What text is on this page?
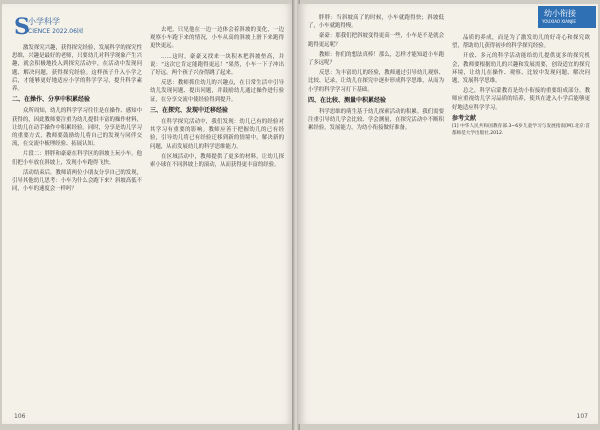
S
小学科学
CIENCE 2022.06园

激发探究兴趣，获得探究经验，发展科学的探究性思维，兴趣是最好的老师，只要幼儿对科学现象产生兴趣，就会积极地投入到探究活动中，在活动中发现问题、解决问题，获得探究经验。这样孩子升入小学之后，才能够更好地适应小学的科学学习，提升科学素养。

二、在操作、分享中积累经验

众所周知，幼儿的科学学习往往是在操作、感知中获得的，因此教师要注重为幼儿提供丰富的操作材料，让幼儿在动手操作中积累经验。同时，分享是幼儿学习的重要方式，教师要鼓励幼儿将自己的发现与同伴交流，在交流中梳理经验、拓展认知。

片段二：胖胖和豪豪在科学区的斜坡上玩小车，他们把小车放在斜坡上，发现小车跑得飞快。

活动结束后，教师请两位小朋友分享自己的发现，引导其他幼儿思考：小车为什么会跑下来？斜坡高低不同，小车的速度会一样吗？

去吧，只见他在一边一边体会着斜坡的变化，一边观察小车跑下来的情况，小车从高的斜坡上滑下来跑得更快更远。

……这时，豪豪又找来一块积木把斜坡垫高，并说：“这次它肯定能跑得更远！”果然，小车一下子冲出了好远。两个孩子兴奋得跳了起来。

反思：教师抓住幼儿的兴趣点，在日常生活中引导幼儿发现问题、提出问题，并鼓励幼儿通过操作进行验证，在分享交流中使经验得到提升。

三、在探究、发现中迁移经验

在科学探究活动中，我们发现：幼儿已有的经验对其学习有重要的影响。教师应善于把握幼儿的已有经验，引导幼儿将已有经验迁移到新的情境中，解决新的问题，从而发展幼儿的科学思维能力。

在区域活动中，教师提供了更多的材料，让幼儿探索小球在不同斜坡上的滚动，从而获得更丰富的经验。

106
幼小衔接
YOUXIAO XIANJIE

胖胖：当斜坡高了的时候，小车就跑得快；斜坡低了，小车就跑得慢。

豪豪：那我们把斜坡变得更高一些，小车是不是就会跑得更远呢？

教师：你们的想法真棒！那么，怎样才能知道小车跑了多远呢？

反思：为丰富幼儿的经验，教师通过引导幼儿观察、比较、记录，让幼儿在探究中逐步形成科学思维，从而为小学的科学学习打下基础。

四、在比较、测量中积累经验

科学思维的萌生基于幼儿探索活动的积累。我们需要注重引导幼儿学会比较、学会测量，在探究活动中不断积累经验，发展能力，为幼小衔接做好准备。

品质的养成，而是为了激发幼儿的好奇心和探究欲望，帮助幼儿获得初步的科学探究经验。

开放、多元的科学活动能给幼儿提供更多的探究机会，教师要根据幼儿的兴趣和发展需要，创设适宜的探究环境，让幼儿在操作、观察、比较中发现问题、解决问题，发展科学思维。

总之，科学启蒙教育是幼小衔接的重要组成部分，教师应重视幼儿学习品质的培养，使其在进入小学后能够更好地适应科学学习。

参考文献

[1] 中华人民共和国教育部.3~6岁儿童学习与发展指南[M].北京:首都师范大学出版社,2012.

107
